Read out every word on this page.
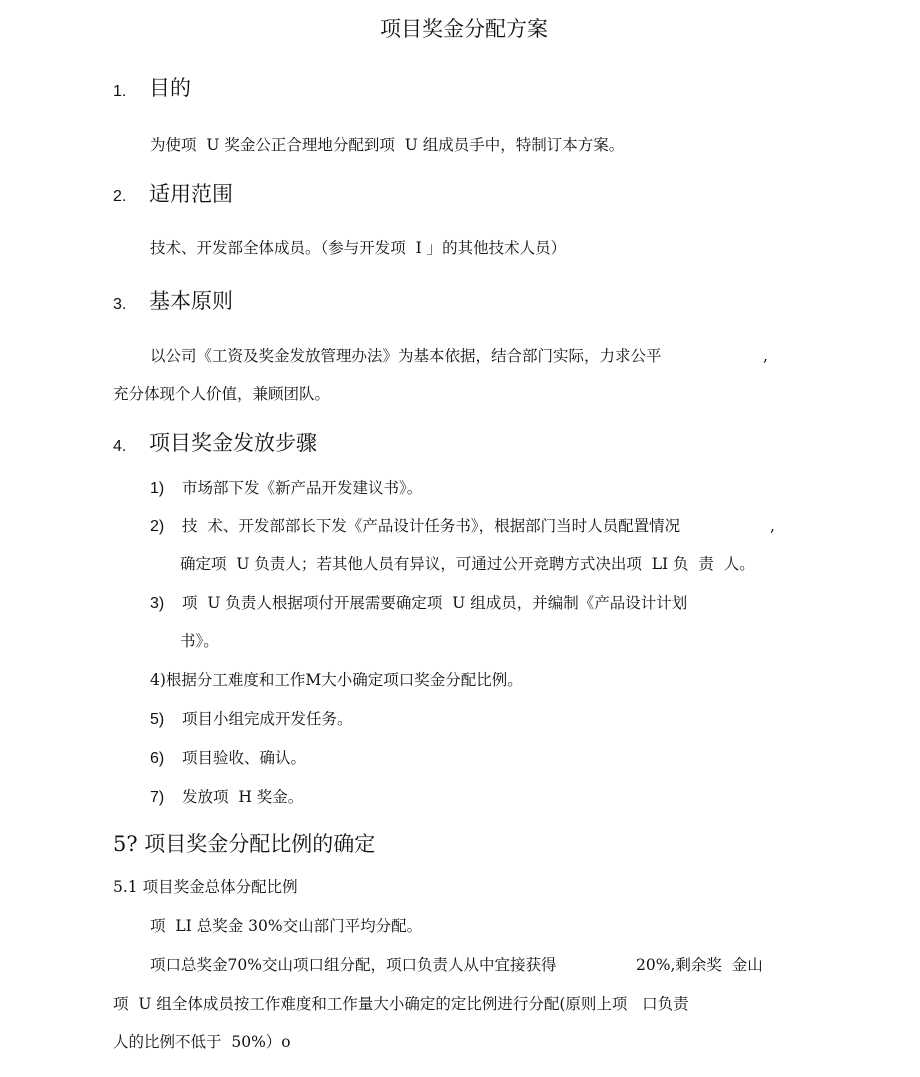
项目奖金分配方案
1. 目的
为使项  U 奖金公正合理地分配到项  U 组成员手中，特制订本方案。
2. 适用范围
技术、开发部全体成员。（参与开发项  I 」的其他技术人员）
3. 基本原则
以公司《工资及奖金发放管理办法》为基本依据，结合部门实际，力求公平	,
充分体现个人价值，兼顾团队。
4. 项目奖金发放步骤
1) 市场部下发《新产品开发建议书》。
2) 技  术、开发部部长下发《产品设计任务书》，根据部门当时人员配置情况	,
确定项  U 负责人；若其他人员有异议，可通过公开竞聘方式决出项  LI 负  责  人。
3) 项  U 负责人根据项付开展需要确定项  U 组成员，并编制《产品设计计划
书》。
4)根据分工难度和工作M大小确定项口奖金分配比例。
5) 项目小组完成开发任务。
6) 项目验收、确认。
7) 发放项  H 奖金。
5? 项目奖金分配比例的确定
5.1 项目奖金总体分配比例
项  LI 总奖金 30%交山部门平均分配。
项口总奖金70%交山项口组分配，项口负责人从中宜接获得	20%,剩余奖  金山
项  U 组全体成员按工作难度和工作量大小确定的定比例进行分配(原则上项   口负责
人的比例不低于  50%）o
